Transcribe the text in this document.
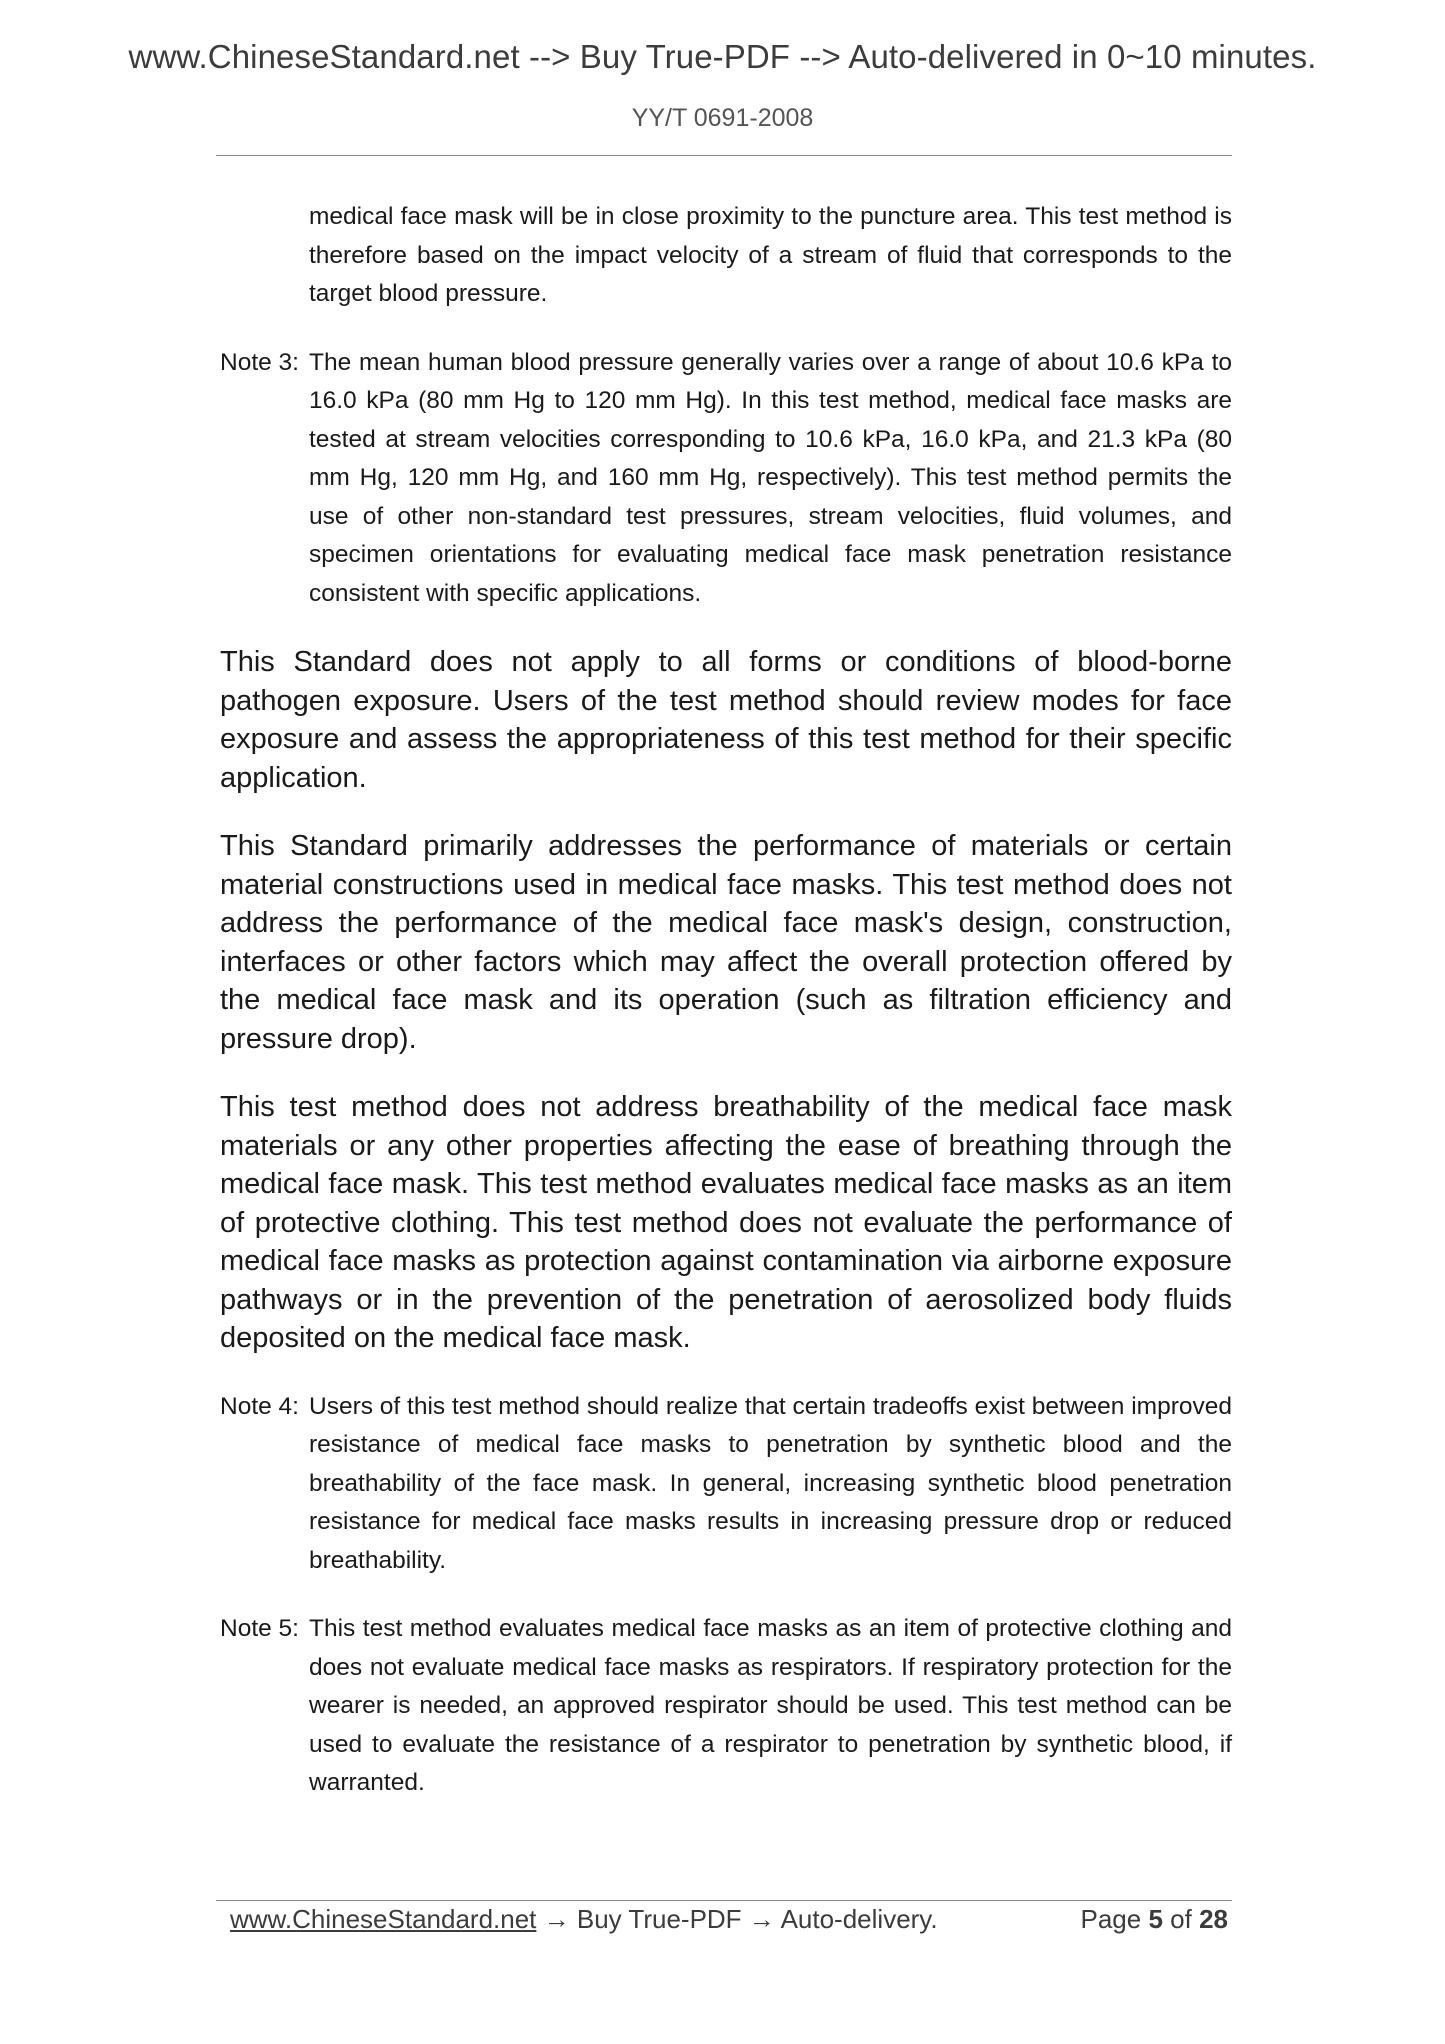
www.ChineseStandard.net --> Buy True-PDF --> Auto-delivered in 0~10 minutes.
YY/T 0691-2008

medical face mask will be in close proximity to the puncture area. This test method is therefore based on the impact velocity of a stream of fluid that corresponds to the target blood pressure.

Note 3: The mean human blood pressure generally varies over a range of about 10.6 kPa to 16.0 kPa (80 mm Hg to 120 mm Hg). In this test method, medical face masks are tested at stream velocities corresponding to 10.6 kPa, 16.0 kPa, and 21.3 kPa (80 mm Hg, 120 mm Hg, and 160 mm Hg, respectively). This test method permits the use of other non-standard test pressures, stream velocities, fluid volumes, and specimen orientations for evaluating medical face mask penetration resistance consistent with specific applications.

This Standard does not apply to all forms or conditions of blood-borne pathogen exposure. Users of the test method should review modes for face exposure and assess the appropriateness of this test method for their specific application.

This Standard primarily addresses the performance of materials or certain material constructions used in medical face masks. This test method does not address the performance of the medical face mask's design, construction, interfaces or other factors which may affect the overall protection offered by the medical face mask and its operation (such as filtration efficiency and pressure drop).

This test method does not address breathability of the medical face mask materials or any other properties affecting the ease of breathing through the medical face mask. This test method evaluates medical face masks as an item of protective clothing. This test method does not evaluate the performance of medical face masks as protection against contamination via airborne exposure pathways or in the prevention of the penetration of aerosolized body fluids deposited on the medical face mask.

Note 4: Users of this test method should realize that certain tradeoffs exist between improved resistance of medical face masks to penetration by synthetic blood and the breathability of the face mask. In general, increasing synthetic blood penetration resistance for medical face masks results in increasing pressure drop or reduced breathability.
Note 5: This test method evaluates medical face masks as an item of protective clothing and does not evaluate medical face masks as respirators. If respiratory protection for the wearer is needed, an approved respirator should be used. This test method can be used to evaluate the resistance of a respirator to penetration by synthetic blood, if warranted.
www.ChineseStandard.net → Buy True-PDF → Auto-delivery.	Page 5 of 28
